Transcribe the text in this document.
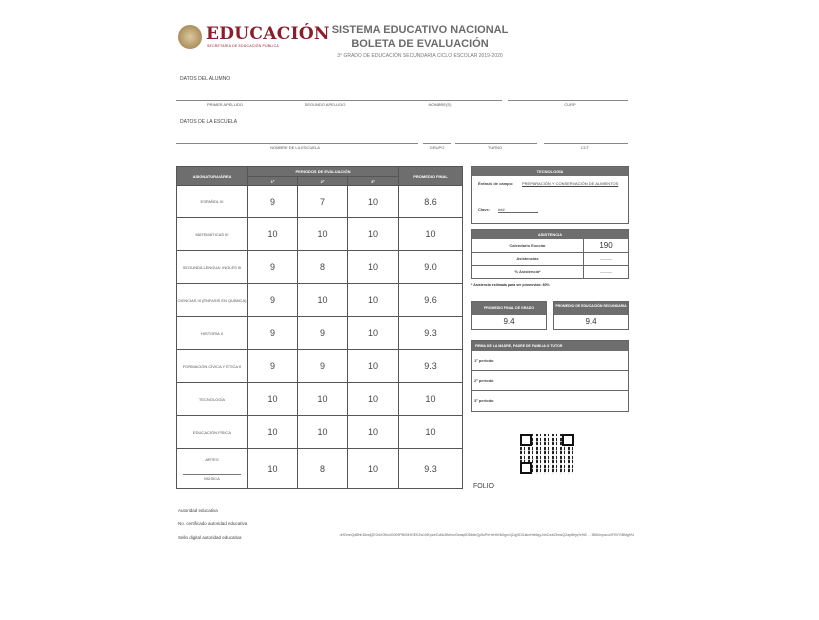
EDUCACIÓN
SECRETARÍA DE EDUCACIÓN PÚBLICA
SISTEMA EDUCATIVO NACIONAL
BOLETA DE EVALUACIÓN
3° GRADO DE EDUCACIÓN SECUNDARIA CICLO ESCOLAR 2019-2020
DATOS DEL ALUMNO
PRIMER APELLIDO	SEGUNDO APELLIDO	NOMBRE(S)	CURP
DATOS DE LA ESCUELA
NOMBRE DE LA ESCUELA	GRUPO	TURNO	CCT
ASIGNATURA/ÁREA	PERIODOS DE EVALUACIÓN			PROMEDIO FINAL
	1º	2º	3º	
ESPAÑOL III	9	7	10	8.6
MATEMÁTICAS III	10	10	10	10
SEGUNDA LENGUA: INGLÉS III	9	8	10	9.0
CIENCIAS III (ÉNFASIS EN QUÍMICA)	9	10	10	9.6
HISTORIA II	9	9	10	9.3
FORMACIÓN CÍVICA Y ÉTICA II	9	9	10	9.3
TECNOLOGÍA	10	10	10	10
EDUCACIÓN FÍSICA	10	10	10	10

ARTES
MÚSICA	10	8	10	9.3
TECNOLOGÍA
Énfasis de campo: PREPARACIÓN Y CONSERVACIÓN DE ALIMENTOS
Clave: ###
ASISTENCIA
Calendario Escolar	190
Asistencias	———
% Asistencia*	———
* Asistencia estimada para ser promovido: 80%
PROMEDIO FINAL DE GRADO
9.4
PROMEDIO DE EDUCACIÓN SECUNDARIA
9.4
FIRMA DE LA MADRE, PADRE DE FAMILIA O TUTOR
1º periodo
2º periodo
3º periodo
FOLIO
Autoridad educativa
No. certificado autoridad educativa
Sello digital autoridad educativa	nHDmnQdBhKDbwjQEOdX05vxiG009PB0NHGEKZw1NKpzeZuMc3tMmoGeaiq0D8bxbQp5oPnHxHhHk0gm1jCqjSDI1kkxHeMqyJ4hCwbZbmzQ2ap8frjqYe9t0 ... 5BD/mpacuXFBYGBMgHU
